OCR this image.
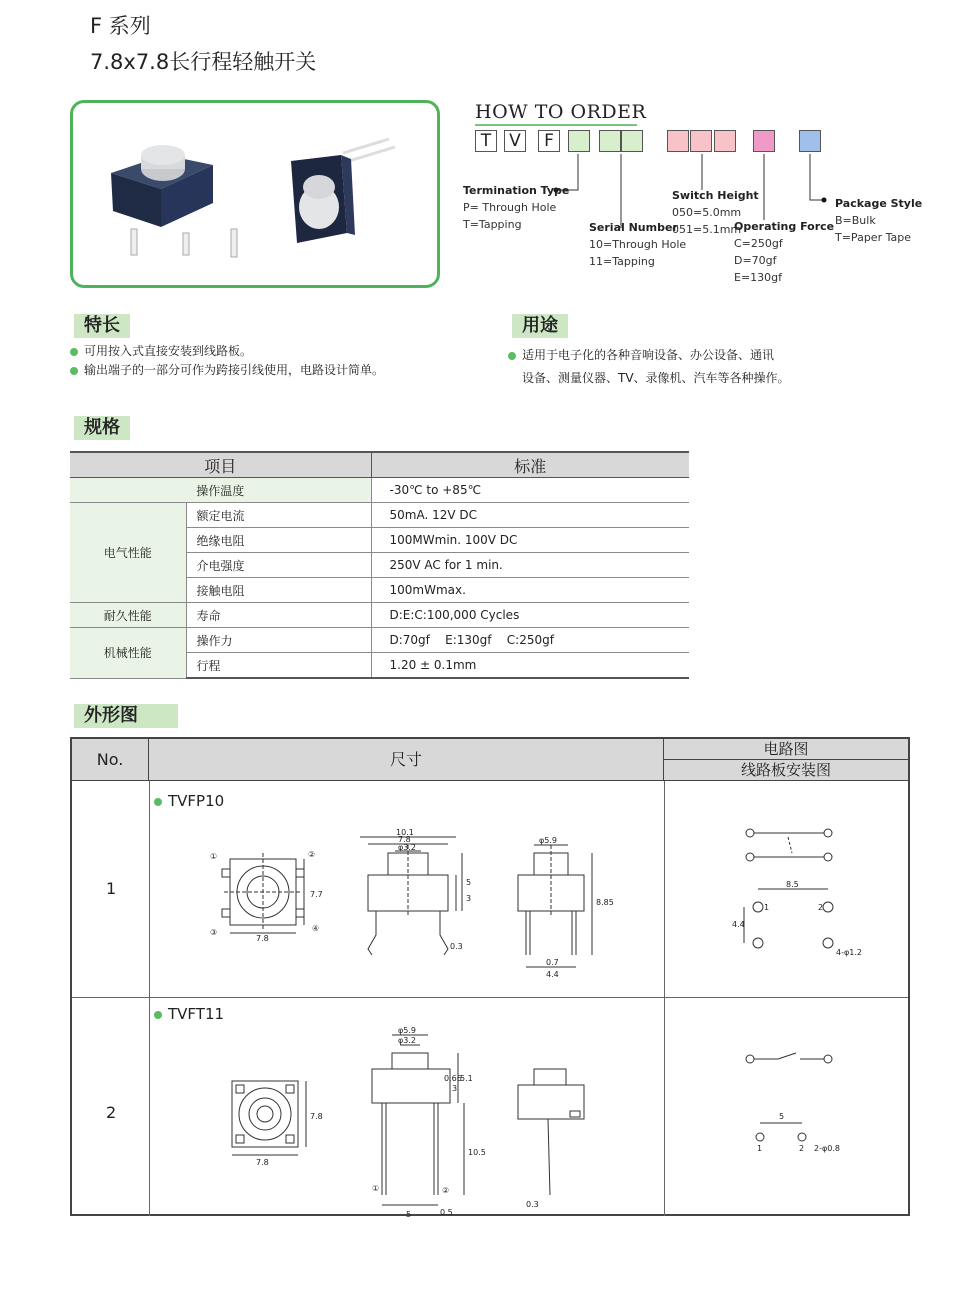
F 系列
7.8x7.8长行程轻触开关
HOW TO ORDER
T	V	F
Termination Type
P= Through Hole
T=Tapping	Serial Number
10=Through Hole
11=Tapping
Switch Height
050=5.0mm
051=5.1mm
Operating Force
C=250gf
D=70gf
E=130gf
Package Style
B=Bulk
T=Paper Tape
特长
可用按入式直接安装到线路板。
输出端子的一部分可作为跨接引线使用，电路设计简单。
用途
适用于电子化的各种音响设备、办公设备、通讯
设备、测量仪器、TV、录像机、汽车等各种操作。
规格
项目		标准
操作温度		-30℃ to +85℃
电气性能	额定电流	50mA. 12V DC
	绝缘电阻	100MWmin. 100V DC
	介电强度	250V AC for 1 min.
	接触电阻	100mWmax.
耐久性能	寿命	D:E:C:100,000 Cycles
机械性能	操作力	D:70gf    E:130gf    C:250gf
	行程	1.20 ± 0.1mm
外形图
No.	尺寸
电路图
线路板安装图
1
TVFP10
①	②
③	④
7.8
7.7
10.1
7.8
φ3.2
5
3
0.3
φ5.9
8.85
0.7
4.4
8.5
4.4
4-φ1.2
1	2
2
TVFT11
7.8
7.8
φ5.9
φ3.2
0.66
3
5.1
10.5
①	②
5	0.5
0.3
5
2-φ0.8
1	2
